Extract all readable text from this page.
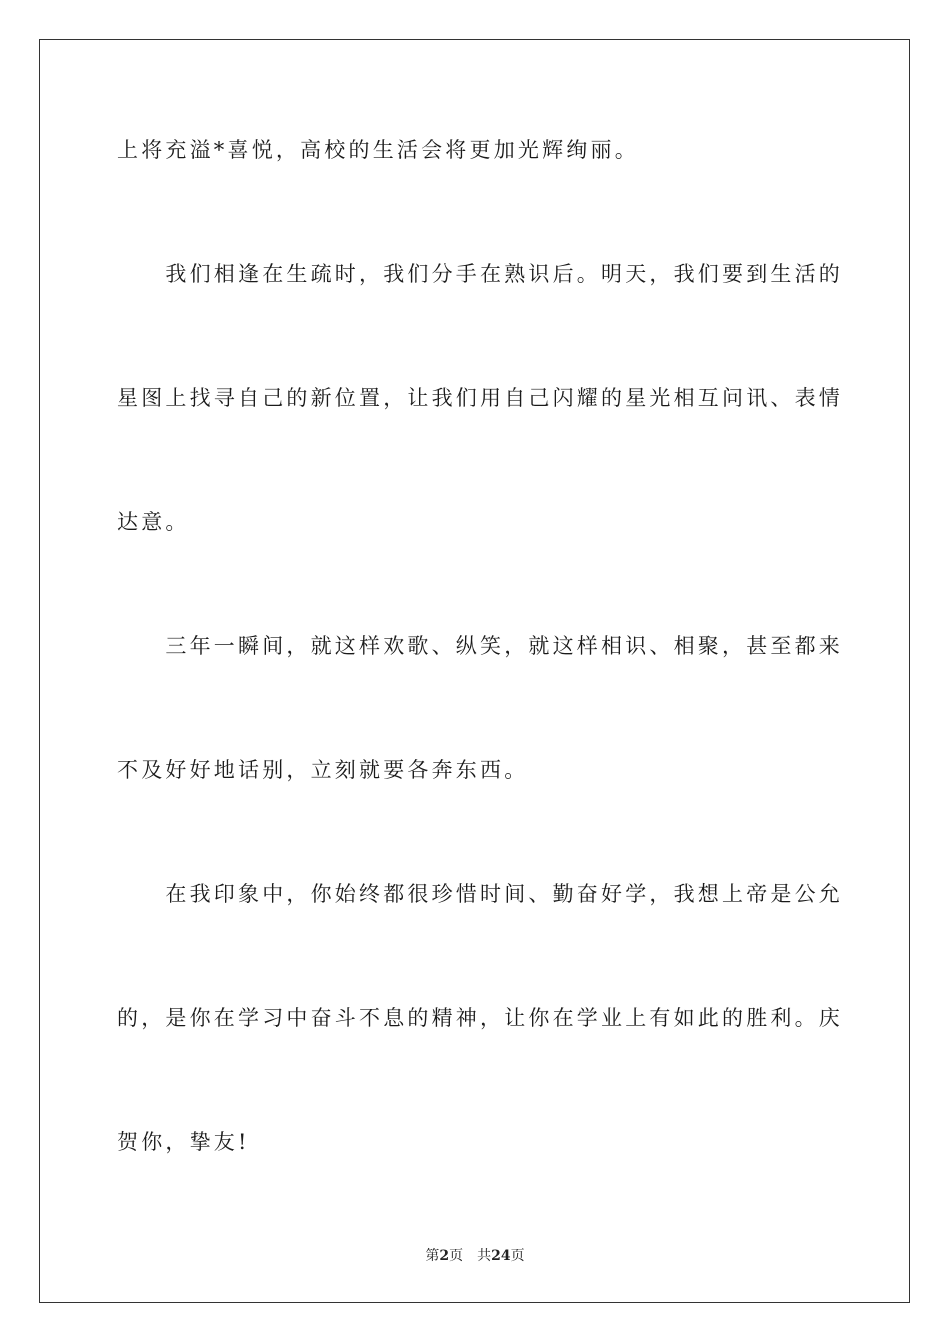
上将充溢*喜悦，高校的生活会将更加光辉绚丽。
　　我们相逢在生疏时，我们分手在熟识后。明天，我们要到生活的
星图上找寻自己的新位置，让我们用自己闪耀的星光相互问讯、表情
达意。
　　三年一瞬间，就这样欢歌、纵笑，就这样相识、相聚，甚至都来
不及好好地话别，立刻就要各奔东西。
　　在我印象中，你始终都很珍惜时间、勤奋好学，我想上帝是公允
的，是你在学习中奋斗不息的精神，让你在学业上有如此的胜利。庆
贺你，挚友!
第2页 共24页
